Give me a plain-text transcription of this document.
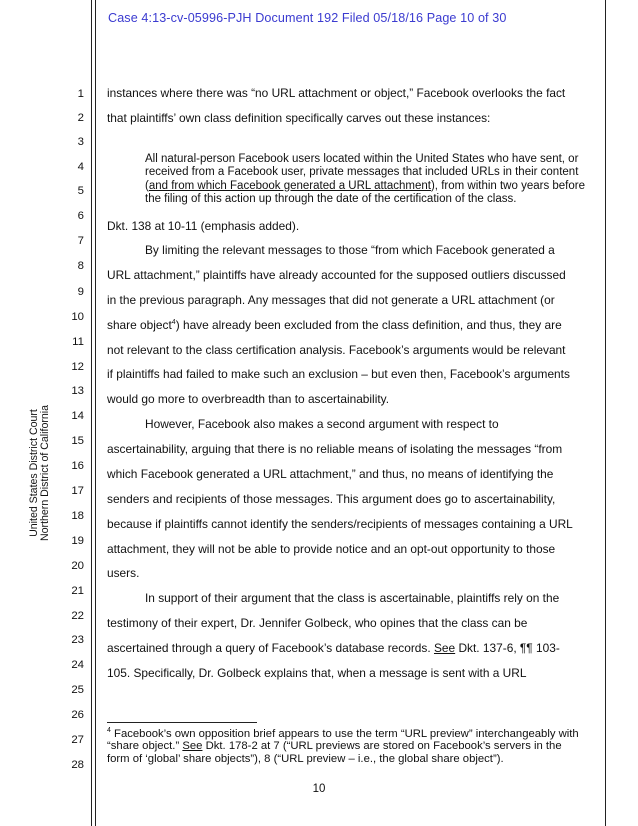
Case 4:13-cv-05996-PJH Document 192 Filed 05/18/16 Page 10 of 30
United States District Court Northern District of California
1
2
3
4
5
6
7
8
9
10
11
12
13
14
15
16
17
18
19
20
21
22
23
24
25
26
27
28
instances where there was “no URL attachment or object,” Facebook overlooks the fact
that plaintiffs’ own class definition specifically carves out these instances:
All natural-person Facebook users located within the United States who have sent, or received from a Facebook user, private messages that included URLs in their content (and from which Facebook generated a URL attachment), from within two years before the filing of this action up through the date of the certification of the class.
Dkt. 138 at 10-11 (emphasis added).
By limiting the relevant messages to those “from which Facebook generated a
URL attachment,” plaintiffs have already accounted for the supposed outliers discussed
in the previous paragraph. Any messages that did not generate a URL attachment (or
share object$^4$) have already been excluded from the class definition, and thus, they are
not relevant to the class certification analysis. Facebook’s arguments would be relevant
if plaintiffs had failed to make such an exclusion – but even then, Facebook’s arguments
would go more to overbreadth than to ascertainability.
However, Facebook also makes a second argument with respect to
ascertainability, arguing that there is no reliable means of isolating the messages “from
which Facebook generated a URL attachment,” and thus, no means of identifying the
senders and recipients of those messages. This argument does go to ascertainability,
because if plaintiffs cannot identify the senders/recipients of messages containing a URL
attachment, they will not be able to provide notice and an opt-out opportunity to those
users.
In support of their argument that the class is ascertainable, plaintiffs rely on the
testimony of their expert, Dr. Jennifer Golbeck, who opines that the class can be
ascertained through a query of Facebook’s database records. See Dkt. 137-6, ¶¶ 103-
105. Specifically, Dr. Golbeck explains that, when a message is sent with a URL
$^4$ Facebook’s own opposition brief appears to use the term “URL preview” interchangeably with “share object.” See Dkt. 178-2 at 7 (“URL previews are stored on Facebook’s servers in the form of ‘global’ share objects”), 8 (“URL preview – i.e., the global share object”).
10
